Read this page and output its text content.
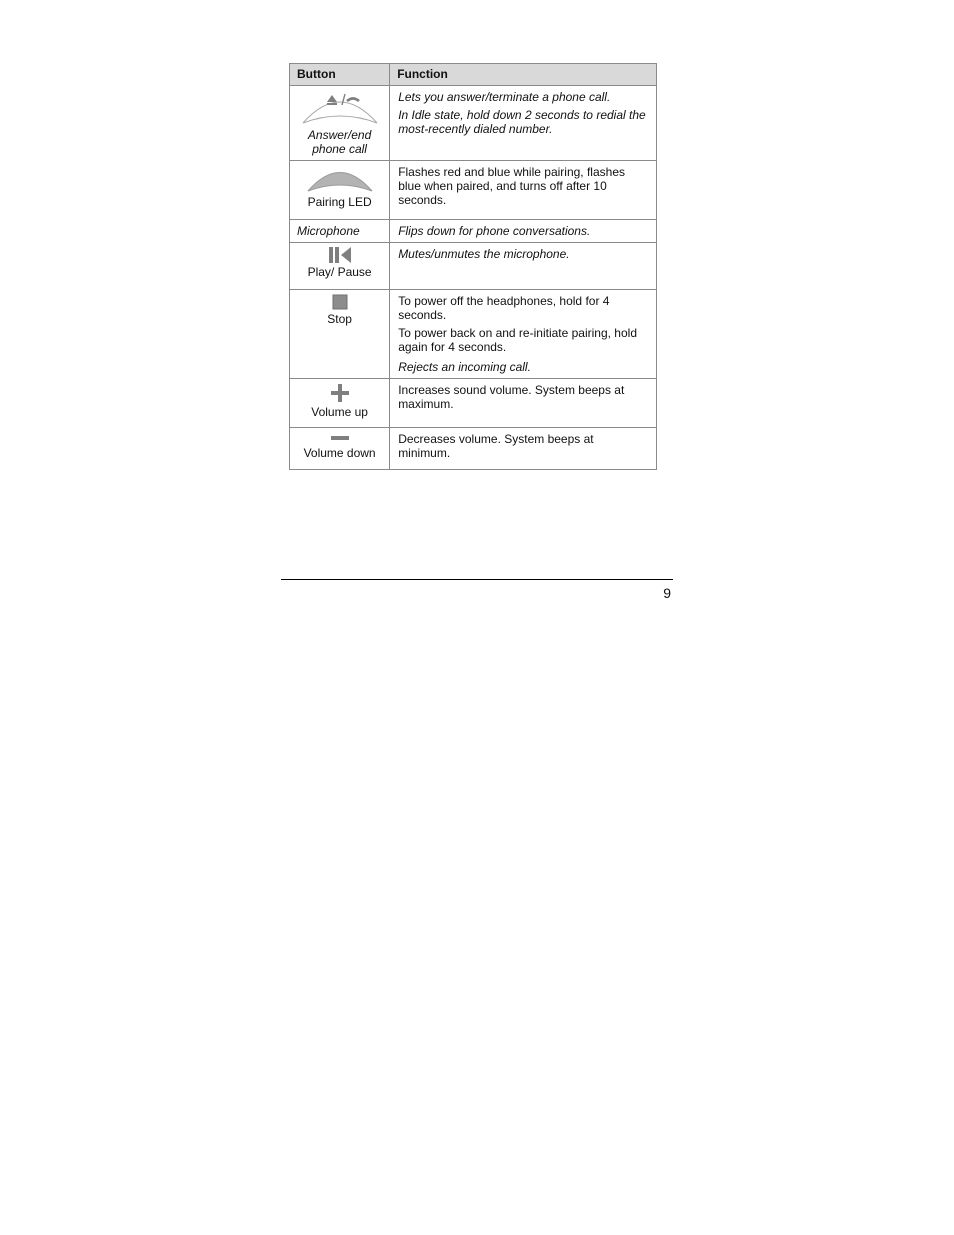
Button	Function

Answer/end phone call	Lets you answer/terminate a phone call.

In Idle state, hold down 2 seconds to redial the most-recently dialed number.

Pairing LED	Flashes red and blue while pairing, flashes blue when paired, and turns off after 10 seconds.

Microphone	Flips down for phone conversations.

Play/ Pause	Mutes/unmutes the microphone.

Stop	To power off the headphones, hold for 4 seconds.

To power back on and re-initiate pairing, hold again for 4 seconds.

Rejects an incoming call.

Volume up	Increases sound volume. System beeps at maximum.

Volume down	Decreases volume. System beeps at minimum.

9
